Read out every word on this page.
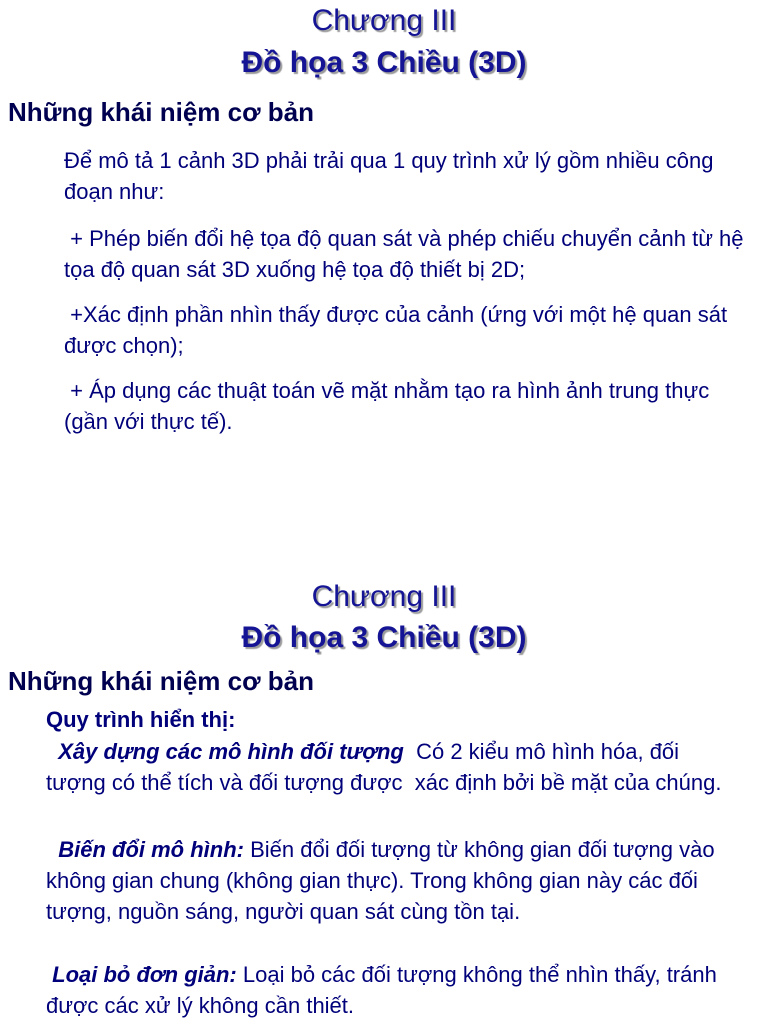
Chương III
Đồ họa 3 Chiều (3D)
Những khái niệm cơ bản

Để mô tả 1 cảnh 3D phải trải qua 1 quy trình xử lý gồm nhiều công đoạn như:

+ Phép biến đổi hệ tọa độ quan sát và phép chiếu chuyển cảnh từ hệ tọa độ quan sát 3D xuống hệ tọa độ thiết bị 2D;

+Xác định phần nhìn thấy được của cảnh (ứng với một hệ quan sát được chọn);

+ Áp dụng các thuật toán vẽ mặt nhằm tạo ra hình ảnh trung thực (gần với thực tế).

Chương III
Đồ họa 3 Chiều (3D)
Những khái niệm cơ bản

Quy trình hiển thị:

Xây dựng các mô hình đối tượng  Có 2 kiểu mô hình hóa, đối tượng có thể tích và đối tượng được  xác định bởi bề mặt của chúng.

Biến đổi mô hình: Biến đổi đối tượng từ không gian đối tượng vào không gian chung (không gian thực). Trong không gian này các đối tượng, nguồn sáng, người quan sát cùng tồn tại.

Loại bỏ đơn giản: Loại bỏ các đối tượng không thể nhìn thấy, tránh được các xử lý không cần thiết.
